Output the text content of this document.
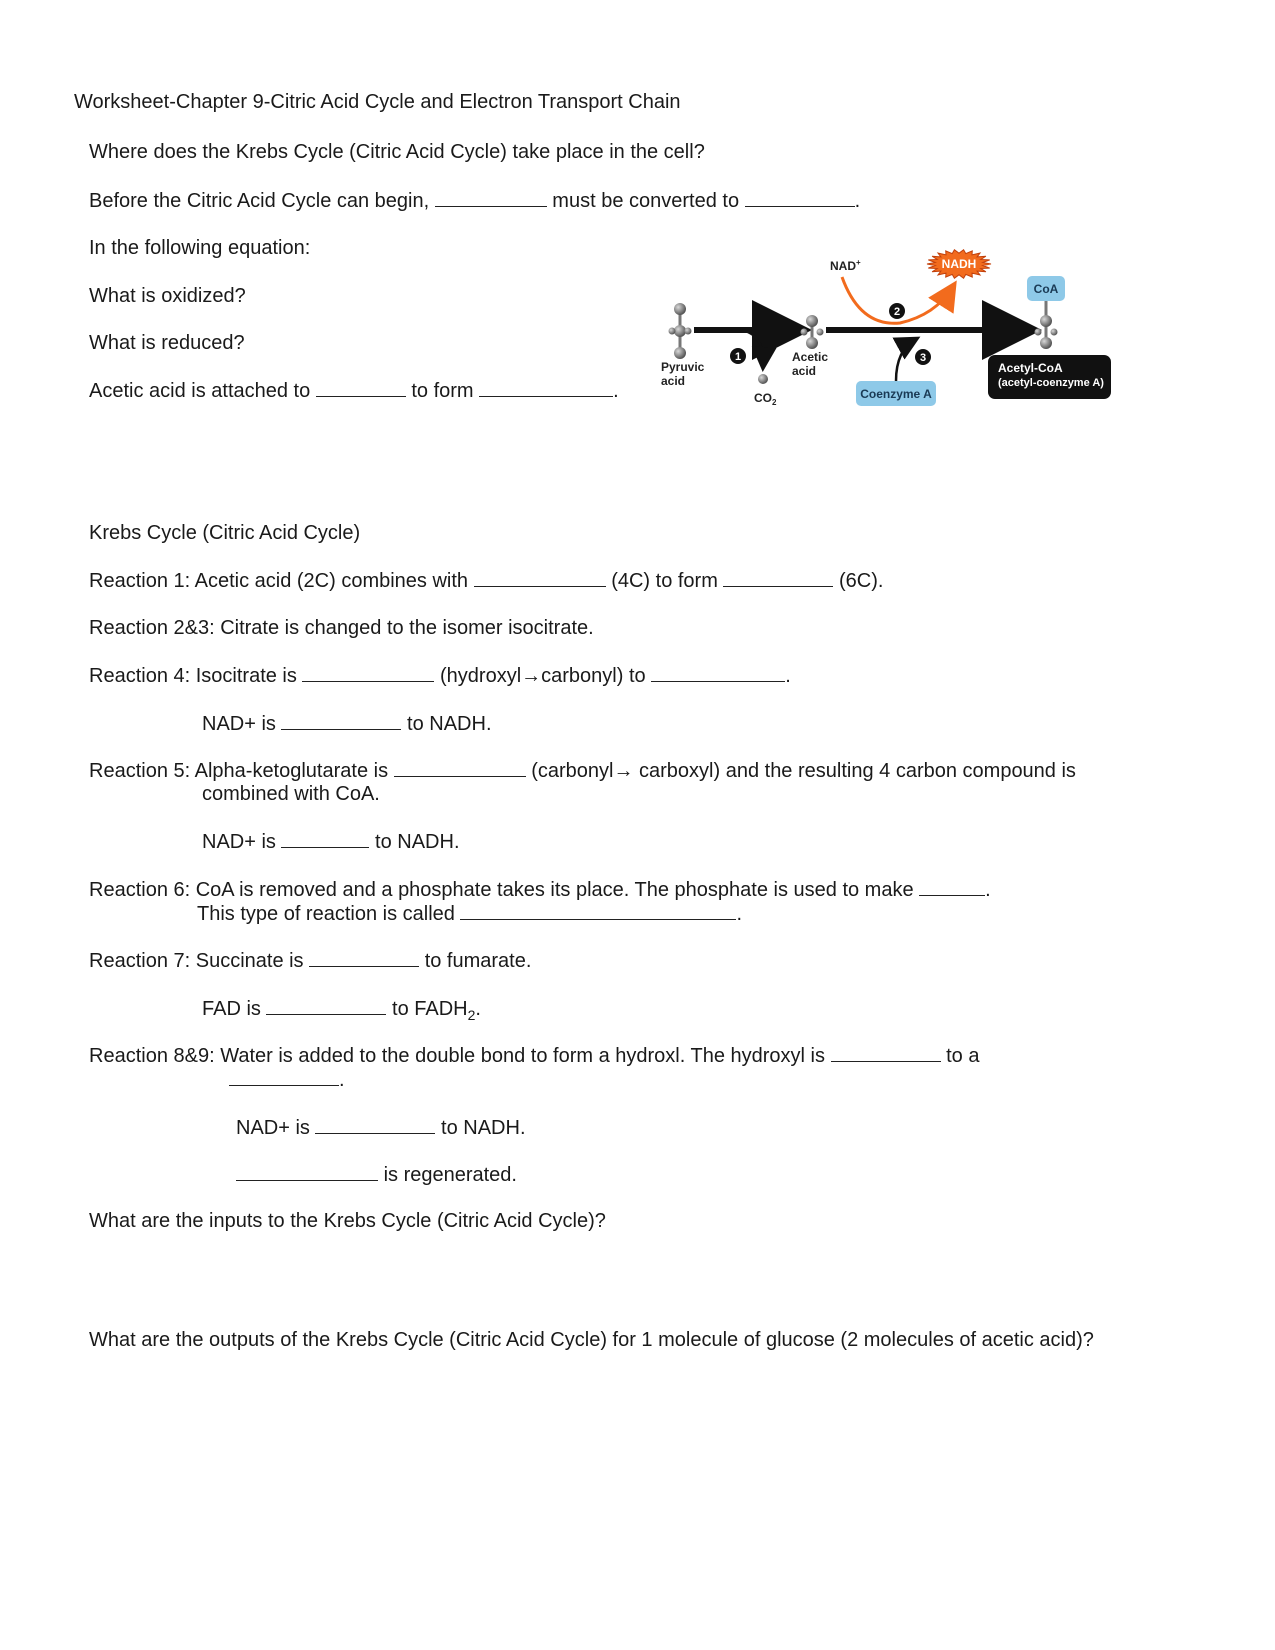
Worksheet-Chapter 9-Citric Acid Cycle and Electron Transport Chain
Where does the Krebs Cycle (Citric Acid Cycle) take place in the cell?
Before the Citric Acid Cycle can begin,	must be converted to	.
In the following equation:
What is oxidized?
What is reduced?
Acetic acid is attached to	to form	.
Pyruvic
acid
$CO_2$
1	Acetic
acid
NAD+	NADH
2
3
Coenzyme A
CoA
Acetyl-CoA
(acetyl-coenzyme A)
Krebs Cycle (Citric Acid Cycle)
Reaction 1: Acetic acid (2C) combines with	(4C) to form	(6C).
Reaction 2&3: Citrate is changed to the isomer isocitrate.
Reaction 4: Isocitrate is	(hydroxyl→carbonyl) to	.
NAD+ is	to NADH.
Reaction 5: Alpha-ketoglutarate is	(carbonyl→ carboxyl) and the resulting 4 carbon compound is
combined with CoA.
NAD+ is	to NADH.
Reaction 6: CoA is removed and a phosphate takes its place. The phosphate is used to make	.
This type of reaction is called	.
Reaction 7: Succinate is	to fumarate.
FAD is	to $FADH_2$.
Reaction 8&9: Water is added to the double bond to form a hydroxl. The hydroxyl is	to a
.
NAD+ is	to NADH.
is regenerated.
What are the inputs to the Krebs Cycle (Citric Acid Cycle)?
What are the outputs of the Krebs Cycle (Citric Acid Cycle) for 1 molecule of glucose (2 molecules of acetic acid)?
